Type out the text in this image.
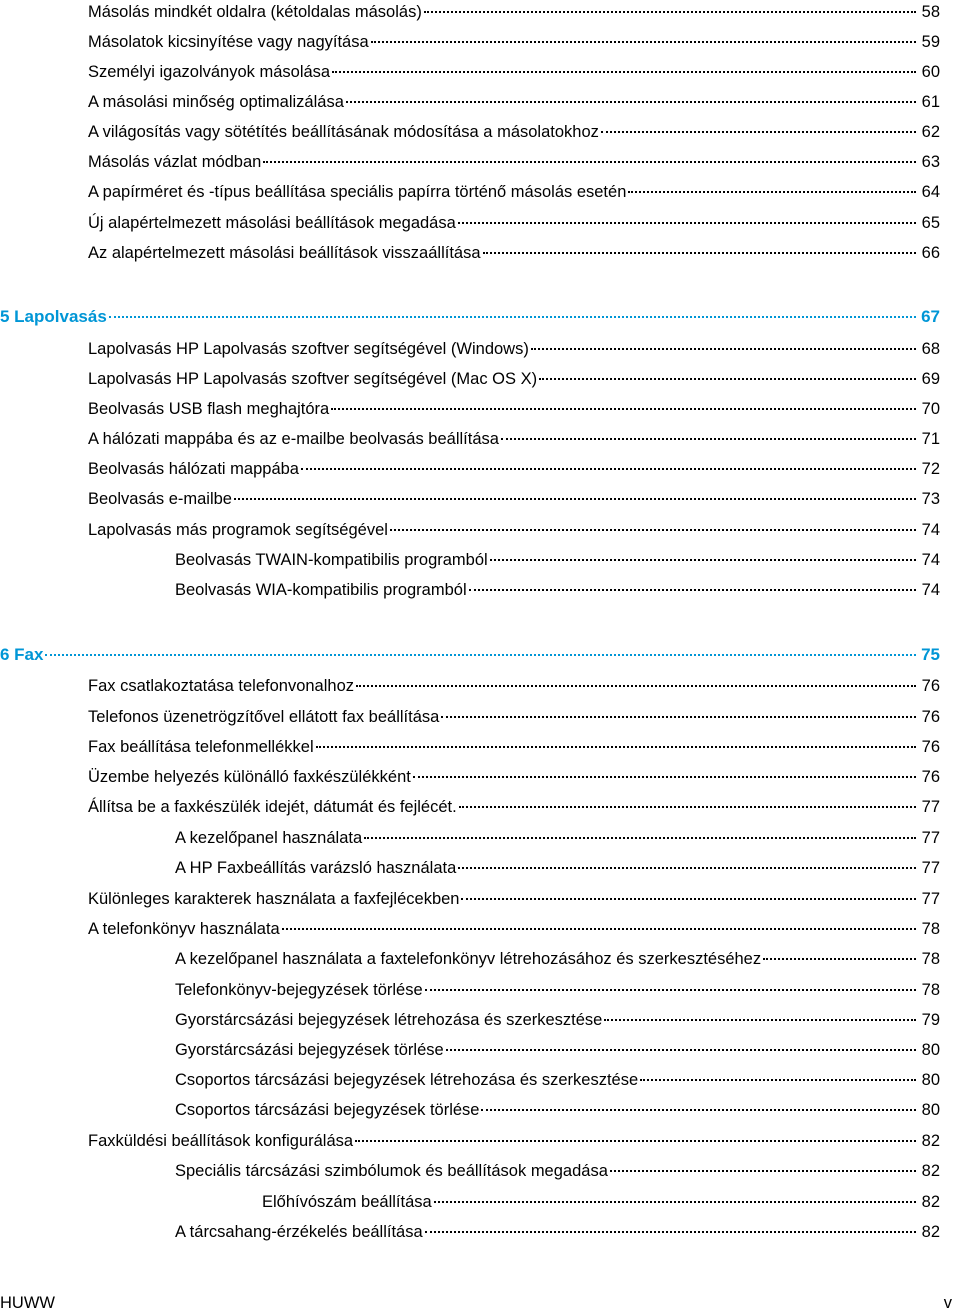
Másolás mindkét oldalra (kétoldalas másolás)	58
Másolatok kicsinyítése vagy nagyítása	59
Személyi igazolványok másolása	60
A másolási minőség optimalizálása	61
A világosítás vagy sötétítés beállításának módosítása a másolatokhoz	62
Másolás vázlat módban	63
A papírméret és -típus beállítása speciális papírra történő másolás esetén	64
Új alapértelmezett másolási beállítások megadása	65
Az alapértelmezett másolási beállítások visszaállítása	66
5 Lapolvasás	67
Lapolvasás HP Lapolvasás szoftver segítségével (Windows)	68
Lapolvasás HP Lapolvasás szoftver segítségével (Mac OS X)	69
Beolvasás USB flash meghajtóra	70
A hálózati mappába és az e-mailbe beolvasás beállítása	71
Beolvasás hálózati mappába	72
Beolvasás e-mailbe	73
Lapolvasás más programok segítségével	74
Beolvasás TWAIN-kompatibilis programból	74
Beolvasás WIA-kompatibilis programból	74
6 Fax	75
Fax csatlakoztatása telefonvonalhoz	76
Telefonos üzenetrögzítővel ellátott fax beállítása	76
Fax beállítása telefonmellékkel	76
Üzembe helyezés különálló faxkészülékként	76
Állítsa be a faxkészülék idejét, dátumát és fejlécét.	77
A kezelőpanel használata	77
A HP Faxbeállítás varázsló használata	77
Különleges karakterek használata a faxfejlécekben	77
A telefonkönyv használata	78
A kezelőpanel használata a faxtelefonkönyv létrehozásához és szerkesztéséhez	78
Telefonkönyv-bejegyzések törlése	78
Gyorstárcsázási bejegyzések létrehozása és szerkesztése	79
Gyorstárcsázási bejegyzések törlése	80
Csoportos tárcsázási bejegyzések létrehozása és szerkesztése	80
Csoportos tárcsázási bejegyzések törlése	80
Faxküldési beállítások konfigurálása	82
Speciális tárcsázási szimbólumok és beállítások megadása	82
Előhívószám beállítása	82
A tárcsahang-érzékelés beállítása	82
HUWW	v
